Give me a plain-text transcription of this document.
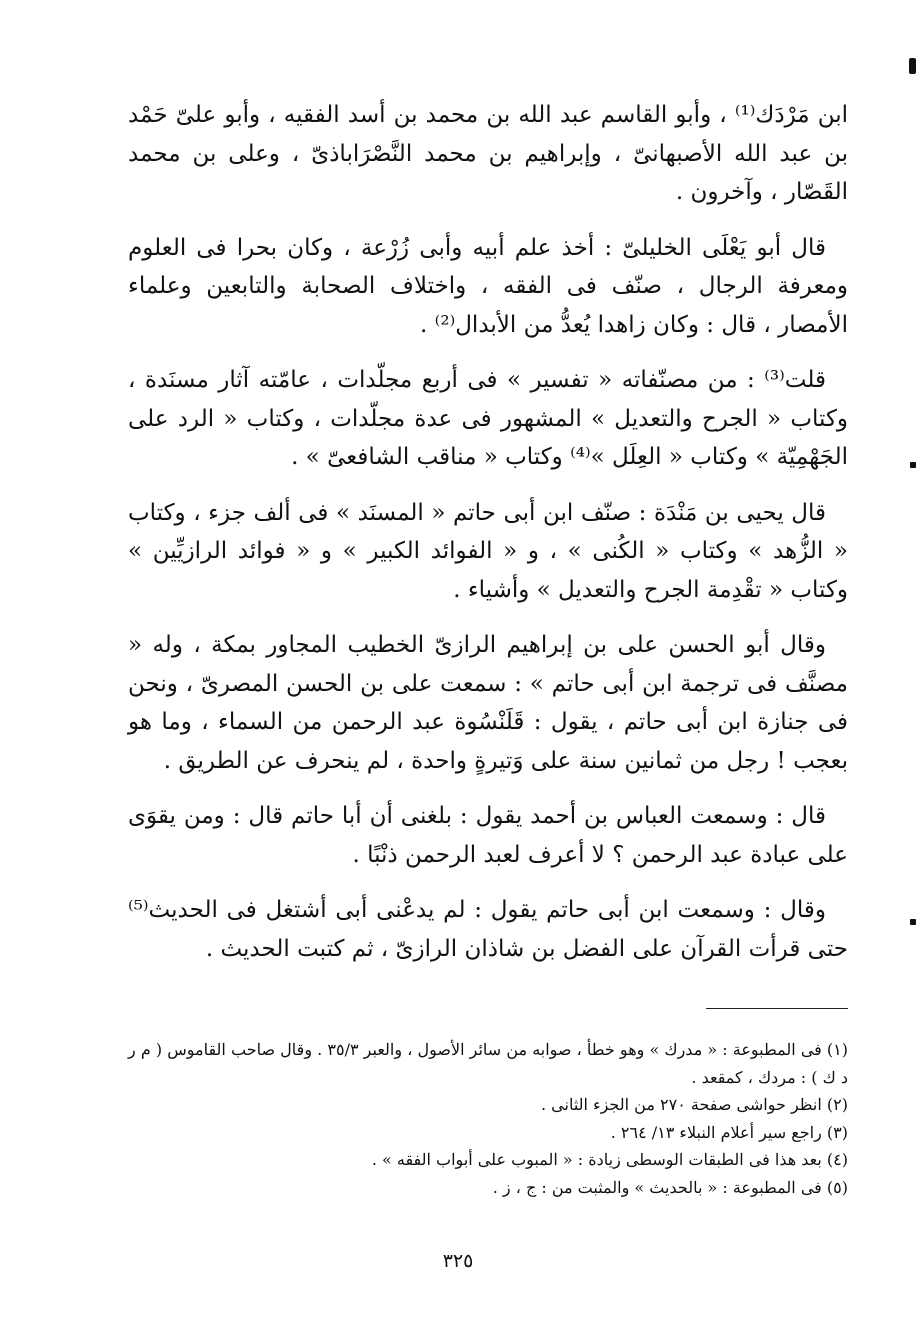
ابن مَرْدَك⁽¹⁾ ، وأبو القاسم عبد الله بن محمد بن أسد الفقيه ، وأبو علىّ حَمْد بن عبد الله الأصبهانىّ ، وإبراهيم بن محمد النَّصْرَاباذىّ ، وعلى بن محمد القَصّار ، وآخرون .

قال أبو يَعْلَى الخليلىّ : أخذ علم أبيه وأبى زُرْعة ، وكان بحرا فى العلوم ومعرفة الرجال ، صنّف فى الفقه ، واختلاف الصحابة والتابعين وعلماء الأمصار ، قال : وكان زاهدا يُعدُّ من الأبدال⁽²⁾ .

قلت⁽³⁾ : من مصنّفاته « تفسير » فى أربع مجلّدات ، عامّته آثار مسنَدة ، وكتاب « الجرح والتعديل » المشهور فى عدة مجلّدات ، وكتاب « الرد على الجَهْمِيّة » وكتاب « العِلَل »⁽⁴⁾ وكتاب « مناقب الشافعىّ » .

قال يحيى بن مَنْدَة : صنّف ابن أبى حاتم « المسنَد » فى ألف جزء ، وكتاب « الزُّهد » وكتاب « الكُنى » ، و « الفوائد الكبير » و « فوائد الرازيِّين » وكتاب « تقْدِمة الجرح والتعديل » وأشياء .

وقال أبو الحسن على بن إبراهيم الرازىّ الخطيب المجاور بمكة ، وله « مصنَّف فى ترجمة ابن أبى حاتم » : سمعت على بن الحسن المصرىّ ، ونحن فى جنازة ابن أبى حاتم ، يقول : قَلَنْسُوة عبد الرحمن من السماء ، وما هو بعجب ! رجل من ثمانين سنة على وَتيرةٍ واحدة ، لم ينحرف عن الطريق .

قال : وسمعت العباس بن أحمد يقول : بلغنى أن أبا حاتم قال : ومن يقوَى على عبادة عبد الرحمن ؟ لا أعرف لعبد الرحمن ذنْبًا .

وقال : وسمعت ابن أبى حاتم يقول : لم يدعْنى أبى أشتغل فى الحديث⁽⁵⁾ حتى قرأت القرآن على الفضل بن شاذان الرازىّ ، ثم كتبت الحديث .

(١) فى المطبوعة : « مدرك » وهو خطأ ، صوابه من سائر الأصول ، والعبر ٣٥/٣ . وقال صاحب القاموس ( م ر د ك ) : مردك ، كمقعد .

(٢) انظر حواشى صفحة ٢٧٠ من الجزء الثانى .

(٣) راجع سير أعلام النبلاء ١٣/ ٢٦٤ .

(٤) بعد هذا فى الطبقات الوسطى زيادة : « المبوب على أبواب الفقه » .

(٥) فى المطبوعة : « بالحديث » والمثبت من : ج ، ز .

٣٢٥
